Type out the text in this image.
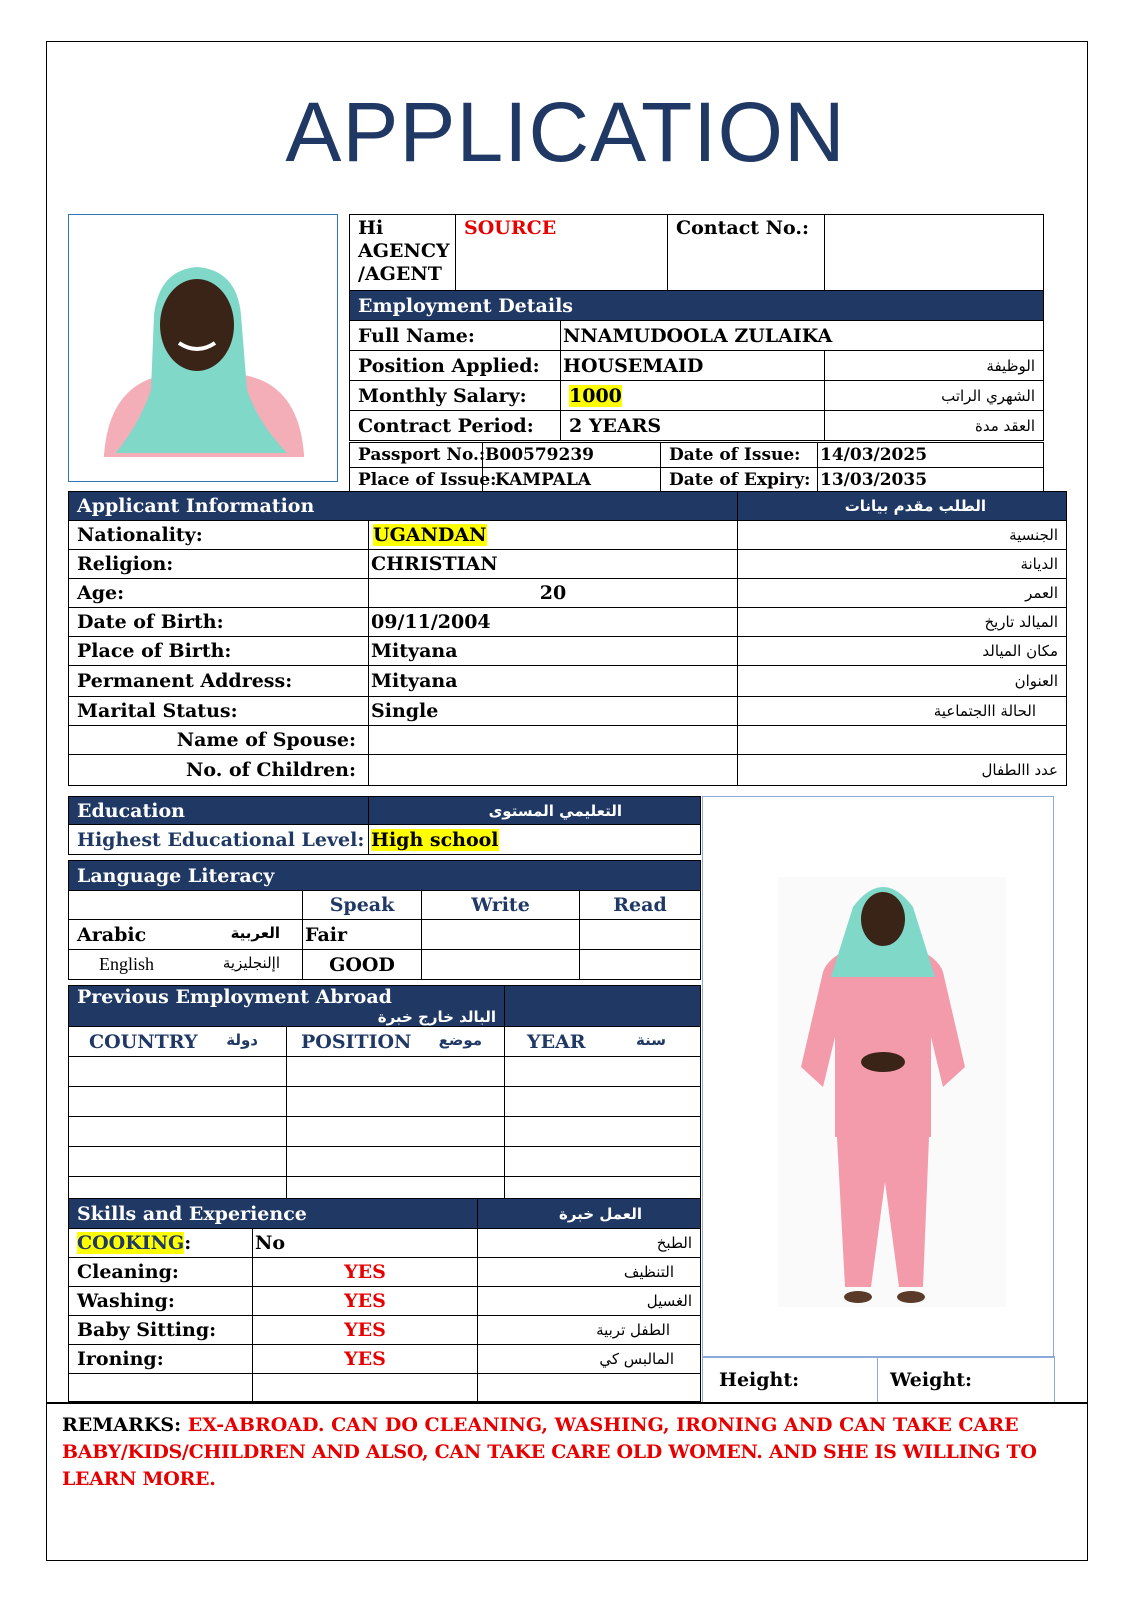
APPLICATION
Hi AGENCY /AGENT	SOURCE		Contact No.:	
Employment Details				
Full Name:		NNAMUDOOLA ZULAIKA		
Position Applied:		HOUSEMAID		الوظيفة
Monthly Salary:		1000		الشهري الراتب
Contract Period:		2 YEARS		العقد مدة
Passport No.:	B00579239	Date of Issue:	14/03/2025
Place of Issue:	KAMPALA	Date of Expiry:	13/03/2035
Applicant Information		الطلب مقدم بيانات
Nationality:	UGANDAN	الجنسية
Religion:	CHRISTIAN	الديانة
Age:	20	العمر
Date of Birth:	09/11/2004	الميالد تاريخ
Place of Birth:	Mityana	مكان الميالد
Permanent Address:	Mityana	العنوان
Marital Status:	Single	الحالة االجتماعية
Name of Spouse:		
No. of Children:		عدد االطفال
Education	التعليمي المستوى
Highest Educational Level:	High school
Language Literacy			
	Speak	Write	Read
Arabic العربية	Fair		
English اإلنجليزية	GOOD		
Previous Employment Abroad
البالد خارج خبرة		

COUNTRY دولة	POSITION موضع	YEAR سنة

Skills and Experience		العمل خبرة
COOKING:	No	الطبخ
Cleaning:	YES	التنظيف
Washing:	YES	الغسيل
Baby Sitting:	YES	الطفل تربية
Ironing:	YES	المالبس كي

Height:	Weight:
REMARKS: EX-ABROAD. CAN DO CLEANING, WASHING, IRONING AND CAN TAKE CARE
BABY/KIDS/CHILDREN AND ALSO, CAN TAKE CARE OLD WOMEN. AND SHE IS WILLING TO LEARN MORE.
